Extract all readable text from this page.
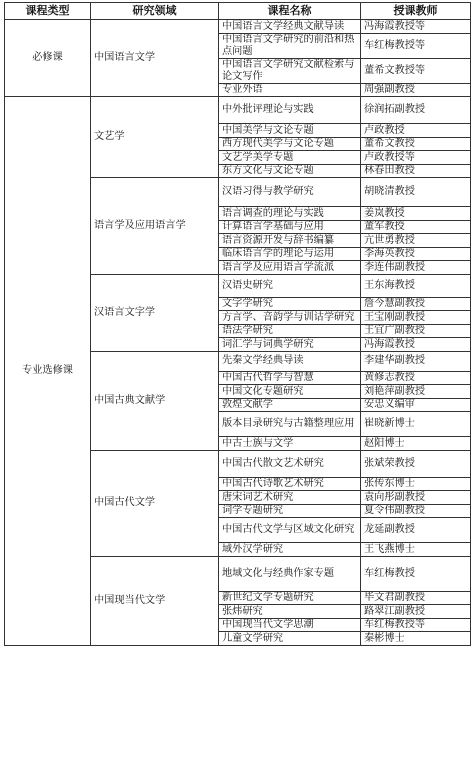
课程类型	研究领域	课程名称	授课教师
必修课	中国语言文学	中国语言文学经典文献导读	冯海霞教授等
		中国语言文学研究的前沿和热点问题	车红梅教授等
		中国语言文学研究文献检索与论文写作	董希文教授等
		专业外语	周强副教授
专业选修课	文艺学	中外批评理论与实践	徐润拓副教授
		中国美学与文论专题	卢政教授
		西方现代美学与文论专题	董希文教授
		文艺学美学专题	卢政教授等
		东方文化与文论专题	林春田教授
	语言学及应用语言学	汉语习得与教学研究	胡晓清教授
		语言调查的理论与实践	姜岚教授
		计算语言学基础与应用	董军教授
		语言资源开发与辞书编纂	亢世勇教授
		临床语言学的理论与运用	李海英教授
		语言学及应用语言学流派	李连伟副教授
	汉语言文字学	汉语史研究	王东海教授
		文字学研究	詹今慧副教授
		方言学、音韵学与训诂学研究	王宝刚副教授
		语法学研究	王宜广副教授
		词汇学与词典学研究	冯海霞教授
	中国古典文献学	先秦文学经典导读	李建华副教授
		中国古代哲学与智慧	黄修志教授
		中国文化专题研究	刘艳萍副教授
		敦煌文献学	安忠义编审
		版本目录研究与古籍整理应用	崔晓新博士
		中古士族与文学	赵阳博士
	中国古代文学	中国古代散文艺术研究	张斌荣教授
		中国古代诗歌艺术研究	张传东博士
		唐宋词艺术研究	袁向彤副教授
		词学专题研究	夏令伟副教授
		中国古代文学与区域文化研究	龙延副教授
		域外汉学研究	王飞燕博士
	中国现当代文学	地域文化与经典作家专题	车红梅教授
		新世纪文学专题研究	毕文君副教授
		张炜研究	路翠江副教授
		中国现当代文学思潮	车红梅教授等
		儿童文学研究	秦彬博士
